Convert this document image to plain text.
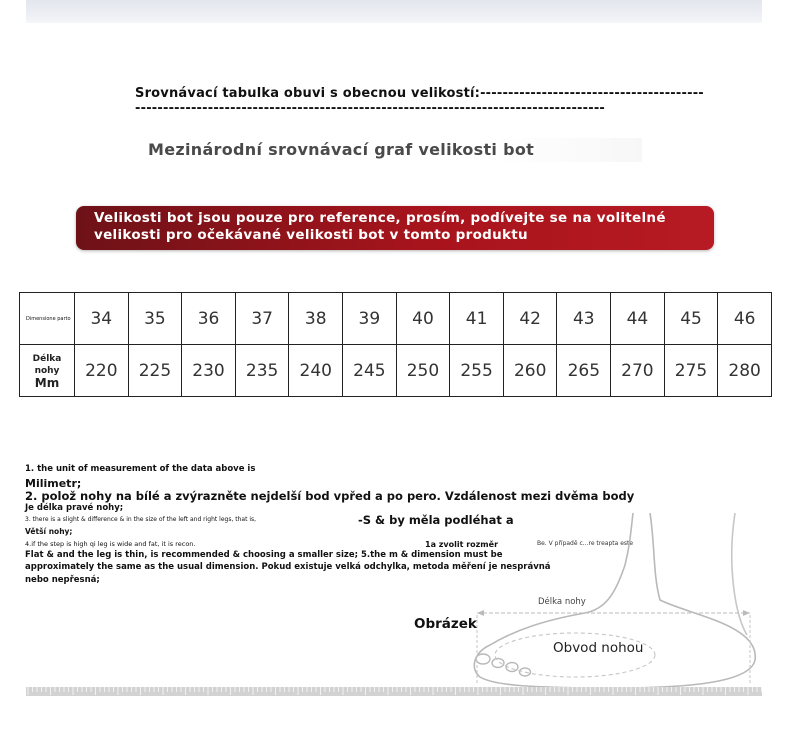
Srovnávací tabulka obuvi s obecnou velikostí:----------------------------------------------------------------------------------------------------------------------------
Mezinárodní srovnávací graf velikosti bot
Velikosti bot jsou pouze pro reference, prosím, podívejte se na volitelné
velikosti pro očekávané velikosti bot v tomto produktu
Dimensione parto	34	35	36	37	38	39	40	41	42	43	44	45	46

Délka
nohy
Mm	220	225	230	235	240	245	250	255	260	265	270	275	280
1. the unit of measurement of the data above is
Milimetr;
2. polož nohy na bílé a zvýrazněte nejdelší bod vpřed a po pero. Vzdálenost mezi dvěma body
Je délka pravé nohy;
3. there is a slight & difference & in the size of the left and right legs, that is,	-S & by měla podléhat a
Větší nohy;
4.if the step is high qi leg is wide and fat, it is recon.	1a zvolit rozměr	Be. V případě c...re treapta este
Flat & and the leg is thin, is recommended & choosing a smaller size; 5.the m & dimension must be
approximately the same as the usual dimension. Pokud existuje velká odchylka, metoda měření je nesprávná
nebo nepřesná;
Délka nohy
Obrázek
Obvod nohou
